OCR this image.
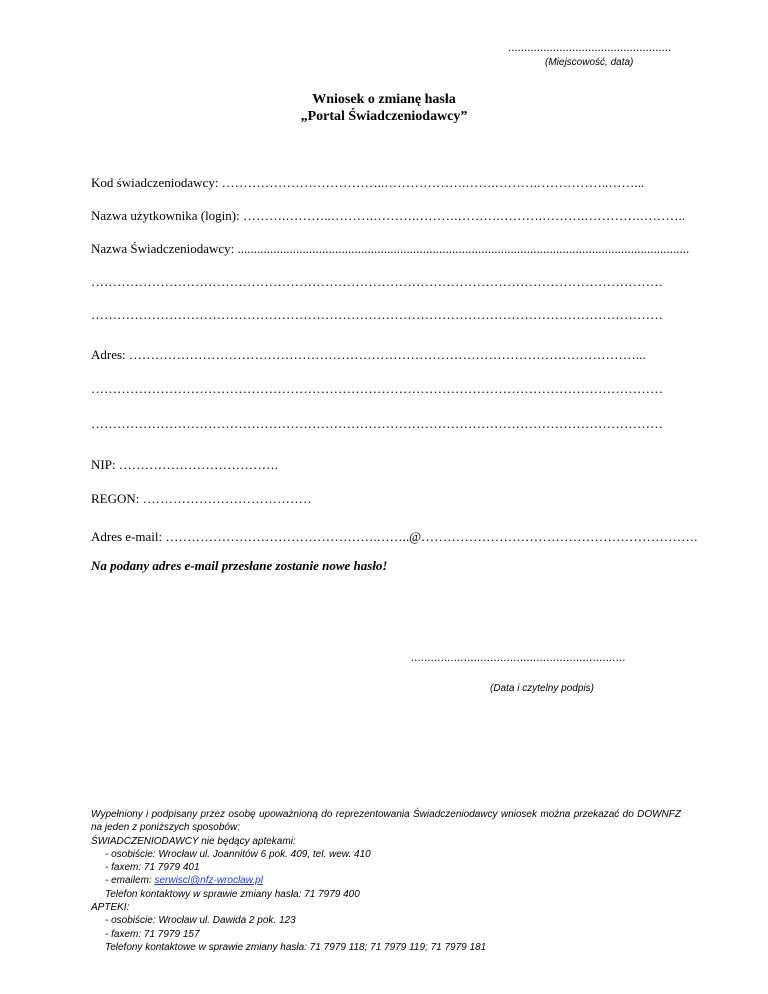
...................................................
(Miejscowość, data)
Wniosek o zmianę hasła
„Portal Świadczeniodawcy”
Kod świadczeniodawcy: ………………………………..……………….…….……….……………..……...
Nazwa użytkownika (login): ……….………..……….……….……….……….……….……….………….………..
Nazwa Świadczeniodawcy: ...........................................................................................................................................
……………………………………………………………………………………………………………………
……………………………………………………………………………………………………………………
Adres: ………………………………………………………………………………………………………...
……………………………………………………………………………………………………………………
……………………………………………………………………………………………………………………
NIP: ……………………………….
REGON: …………………………………
Adres e-mail: ………………………………………….……..@……………………………………………………….
Na podany adres e-mail przesłane zostanie nowe hasło!
.................................................................
(Data i czytelny podpis)
Wypełniony i podpisany przez osobę upoważnioną do reprezentowania Świadczeniodawcy wniosek można przekazać do DOWNFZ na jeden z poniższych sposobów:
ŚWIADCZENIODAWCY nie będący aptekami:
- osobiście: Wrocław ul. Joannitów 6 pok. 409, tel. wew. 410
- faxem: 71 7979 401
- emailem: serwiscl@nfz-wroclaw.pl
Telefon kontaktowy w sprawie zmiany hasła: 71 7979 400
APTEKI:
- osobiście: Wrocław ul. Dawida 2 pok. 123
- faxem: 71 7979 157
Telefony kontaktowe w sprawie zmiany hasła: 71 7979 118; 71 7979 119; 71 7979 181
